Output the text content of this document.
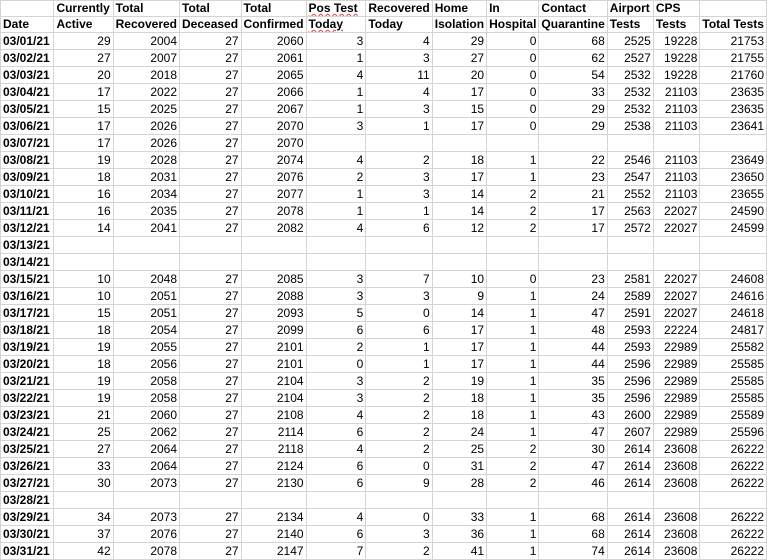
	Currently	Total	Total	Total	Pos Test	Recovered	Home	In	Contact	Airport	CPS	
Date	Active	Recovered	Deceased	Confirmed	Today	Today	Isolation	Hospital	Quarantine	Tests	Tests	Total Tests
03/01/21	29	2004	27	2060	3	4	29	0	68	2525	19228	21753
03/02/21	27	2007	27	2061	1	3	27	0	62	2527	19228	21755
03/03/21	20	2018	27	2065	4	11	20	0	54	2532	19228	21760
03/04/21	17	2022	27	2066	1	4	17	0	33	2532	21103	23635
03/05/21	15	2025	27	2067	1	3	15	0	29	2532	21103	23635
03/06/21	17	2026	27	2070	3	1	17	0	29	2538	21103	23641
03/07/21	17	2026	27	2070								
03/08/21	19	2028	27	2074	4	2	18	1	22	2546	21103	23649
03/09/21	18	2031	27	2076	2	3	17	1	23	2547	21103	23650
03/10/21	16	2034	27	2077	1	3	14	2	21	2552	21103	23655
03/11/21	16	2035	27	2078	1	1	14	2	17	2563	22027	24590
03/12/21	14	2041	27	2082	4	6	12	2	17	2572	22027	24599
03/13/21												
03/14/21												
03/15/21	10	2048	27	2085	3	7	10	0	23	2581	22027	24608
03/16/21	10	2051	27	2088	3	3	9	1	24	2589	22027	24616
03/17/21	15	2051	27	2093	5	0	14	1	47	2591	22027	24618
03/18/21	18	2054	27	2099	6	6	17	1	48	2593	22224	24817
03/19/21	19	2055	27	2101	2	1	17	1	44	2593	22989	25582
03/20/21	18	2056	27	2101	0	1	17	1	44	2596	22989	25585
03/21/21	19	2058	27	2104	3	2	19	1	35	2596	22989	25585
03/22/21	19	2058	27	2104	3	2	18	1	35	2596	22989	25585
03/23/21	21	2060	27	2108	4	2	18	1	43	2600	22989	25589
03/24/21	25	2062	27	2114	6	2	24	1	47	2607	22989	25596
03/25/21	27	2064	27	2118	4	2	25	2	30	2614	23608	26222
03/26/21	33	2064	27	2124	6	0	31	2	47	2614	23608	26222
03/27/21	30	2073	27	2130	6	9	28	2	46	2614	23608	26222
03/28/21												
03/29/21	34	2073	27	2134	4	0	33	1	68	2614	23608	26222
03/30/21	37	2076	27	2140	6	3	36	1	68	2614	23608	26222
03/31/21	42	2078	27	2147	7	2	41	1	74	2614	23608	26222
